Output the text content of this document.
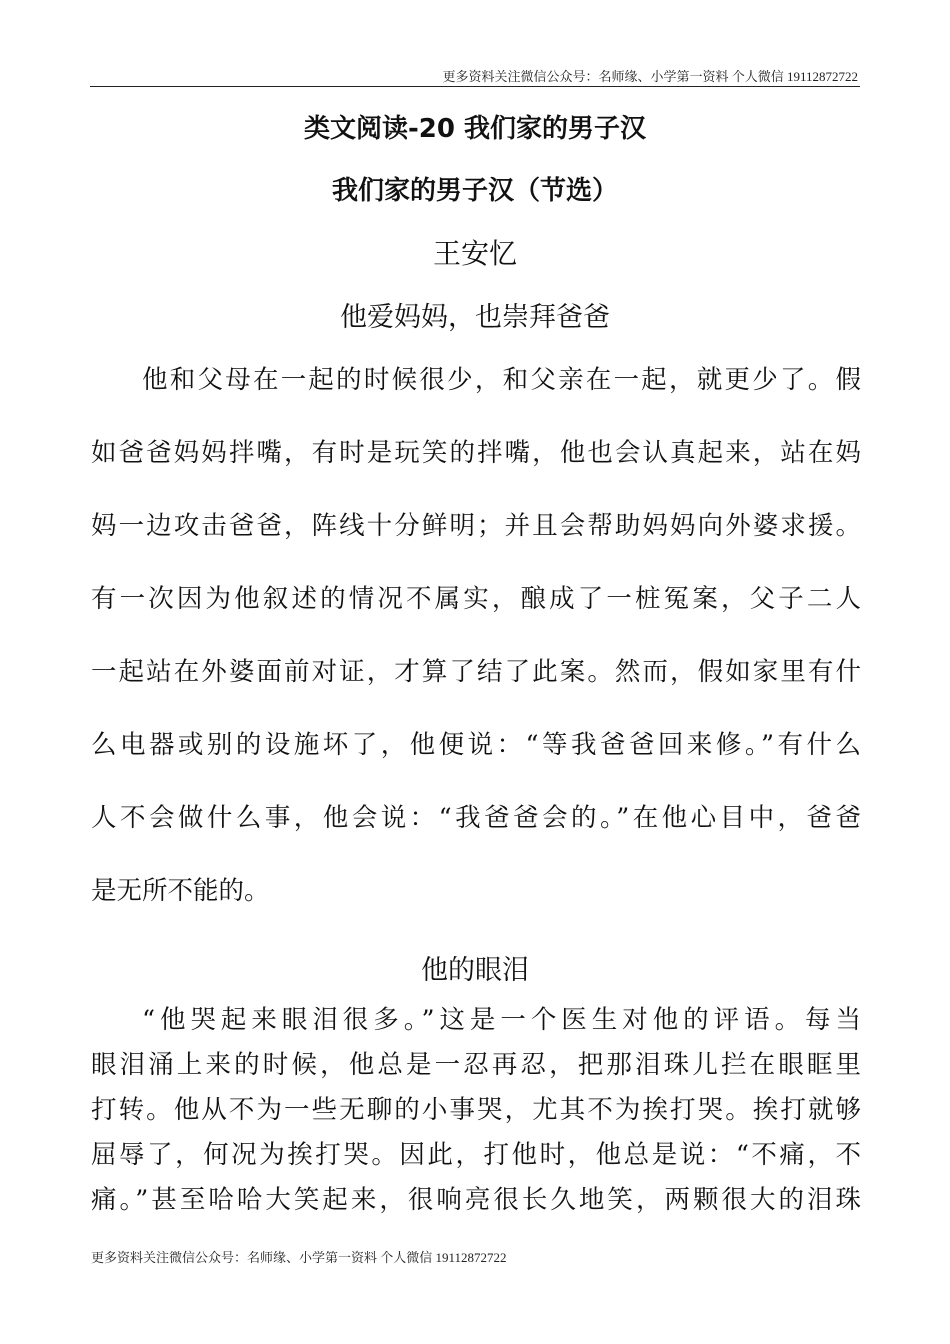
更多资料关注微信公众号：名师缘、小学第一资料 个人微信 19112872722
类文阅读-20 我们家的男子汉
我们家的男子汉（节选）
王安忆
他爱妈妈，也崇拜爸爸
他和父母在一起的时候很少，和父亲在一起，就更少了。假
如爸爸妈妈拌嘴，有时是玩笑的拌嘴，他也会认真起来，站在妈
妈一边攻击爸爸，阵线十分鲜明；并且会帮助妈妈向外婆求援。
有一次因为他叙述的情况不属实，酿成了一桩冤案，父子二人
一起站在外婆面前对证，才算了结了此案。然而，假如家里有什
么电器或别的设施坏了，他便说：“等我爸爸回来修。”有什么
人不会做什么事，他会说：“我爸爸会的。”在他心目中，爸爸
是无所不能的。
他的眼泪
“他哭起来眼泪很多。”这是一个医生对他的评语。每当
眼泪涌上来的时候，他总是一忍再忍，把那泪珠儿拦在眼眶里
打转。他从不为一些无聊的小事哭，尤其不为挨打哭。挨打就够
屈辱了，何况为挨打哭。因此，打他时，他总是说：“不痛，不
痛。”甚至哈哈大笑起来，很响亮很长久地笑，两颗很大的泪珠
更多资料关注微信公众号：名师缘、小学第一资料 个人微信 19112872722
